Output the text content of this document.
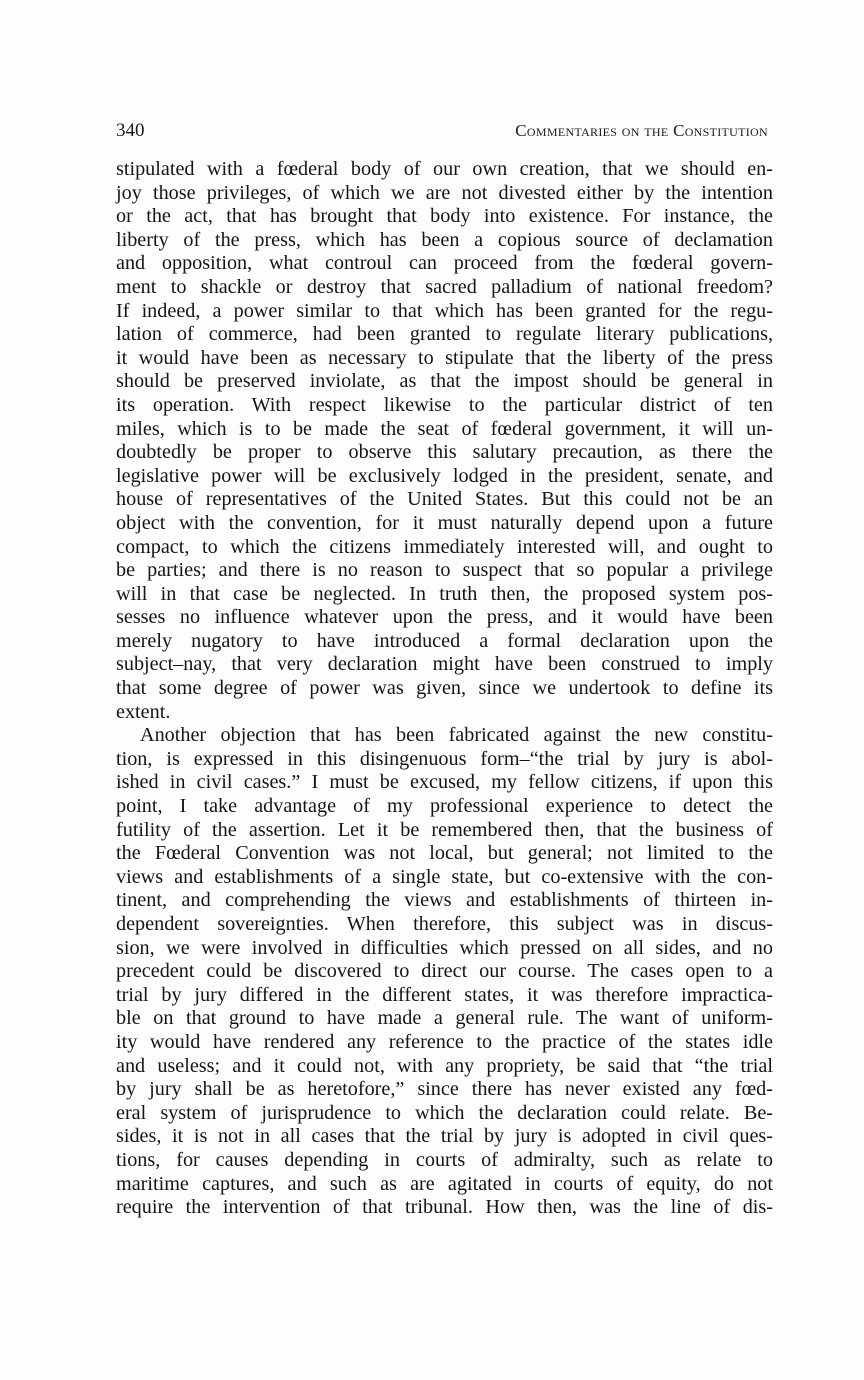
340	Commentaries on the Constitution
stipulated with a fœderal body of our own creation, that we should en-
joy those privileges, of which we are not divested either by the intention
or the act, that has brought that body into existence. For instance, the
liberty of the press, which has been a copious source of declamation
and opposition, what controul can proceed from the fœderal govern-
ment to shackle or destroy that sacred palladium of national freedom?
If indeed, a power similar to that which has been granted for the regu-
lation of commerce, had been granted to regulate literary publications,
it would have been as necessary to stipulate that the liberty of the press
should be preserved inviolate, as that the impost should be general in
its operation. With respect likewise to the particular district of ten
miles, which is to be made the seat of fœderal government, it will un-
doubtedly be proper to observe this salutary precaution, as there the
legislative power will be exclusively lodged in the president, senate, and
house of representatives of the United States. But this could not be an
object with the convention, for it must naturally depend upon a future
compact, to which the citizens immediately interested will, and ought to
be parties; and there is no reason to suspect that so popular a privilege
will in that case be neglected. In truth then, the proposed system pos-
sesses no influence whatever upon the press, and it would have been
merely nugatory to have introduced a formal declaration upon the
subject–nay, that very declaration might have been construed to imply
that some degree of power was given, since we undertook to define its
extent.
Another objection that has been fabricated against the new constitu-
tion, is expressed in this disingenuous form–“the trial by jury is abol-
ished in civil cases.” I must be excused, my fellow citizens, if upon this
point, I take advantage of my professional experience to detect the
futility of the assertion. Let it be remembered then, that the business of
the Fœderal Convention was not local, but general; not limited to the
views and establishments of a single state, but co-extensive with the con-
tinent, and comprehending the views and establishments of thirteen in-
dependent sovereignties. When therefore, this subject was in discus-
sion, we were involved in difficulties which pressed on all sides, and no
precedent could be discovered to direct our course. The cases open to a
trial by jury differed in the different states, it was therefore impractica-
ble on that ground to have made a general rule. The want of uniform-
ity would have rendered any reference to the practice of the states idle
and useless; and it could not, with any propriety, be said that “the trial
by jury shall be as heretofore,” since there has never existed any fœd-
eral system of jurisprudence to which the declaration could relate. Be-
sides, it is not in all cases that the trial by jury is adopted in civil ques-
tions, for causes depending in courts of admiralty, such as relate to
maritime captures, and such as are agitated in courts of equity, do not
require the intervention of that tribunal. How then, was the line of dis-
